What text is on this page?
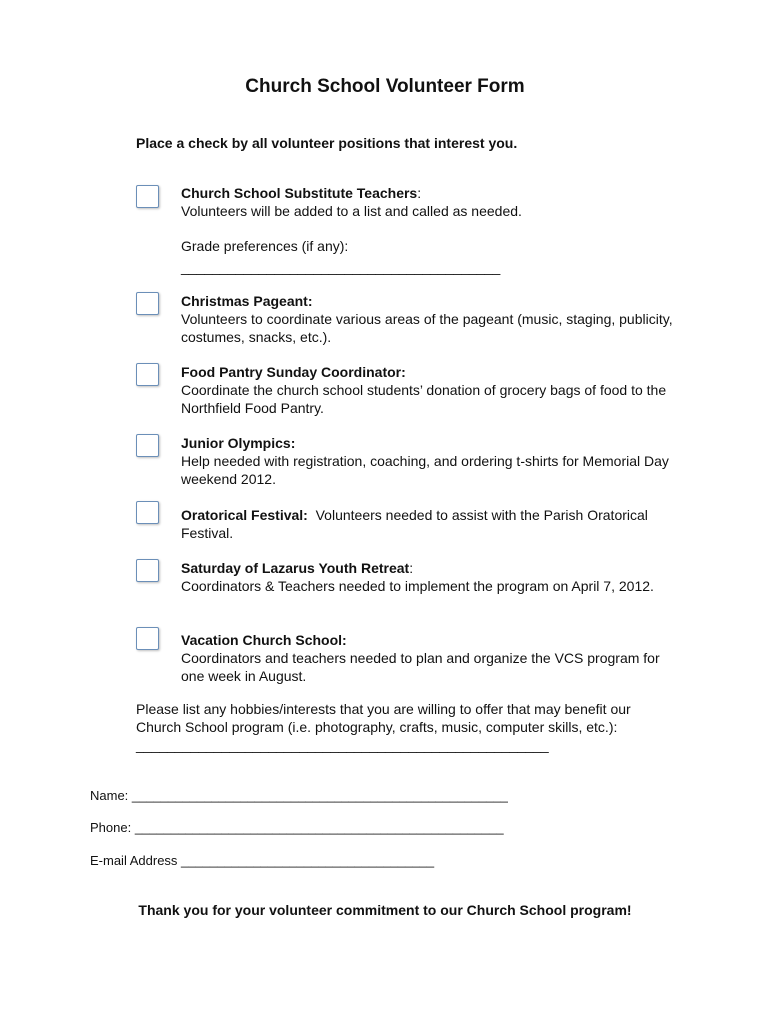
Church School Volunteer Form
Place a check by all volunteer positions that interest you.
Church School Substitute Teachers:
Volunteers will be added to a list and called as needed.
Grade preferences (if any):
_________________________________________
Christmas Pageant:
Volunteers to coordinate various areas of the pageant (music, staging, publicity, costumes, snacks, etc.).
Food Pantry Sunday Coordinator:
Coordinate the church school students’ donation of grocery bags of food to the Northfield Food Pantry.
Junior Olympics:
Help needed with registration, coaching, and ordering t-shirts for Memorial Day weekend 2012.
Oratorical Festival: Volunteers needed to assist with the Parish Oratorical Festival.
Saturday of Lazarus Youth Retreat:
Coordinators & Teachers needed to implement the program on April 7, 2012.
Vacation Church School:
Coordinators and teachers needed to plan and organize the VCS program for one week in August.
Please list any hobbies/interests that you are willing to offer that may benefit our Church School program (i.e. photography, crafts, music, computer skills, etc.):
_____________________________________________________
Name: ____________________________________________________
Phone: ___________________________________________________
E-mail Address ___________________________________
Thank you for your volunteer commitment to our Church School program!
